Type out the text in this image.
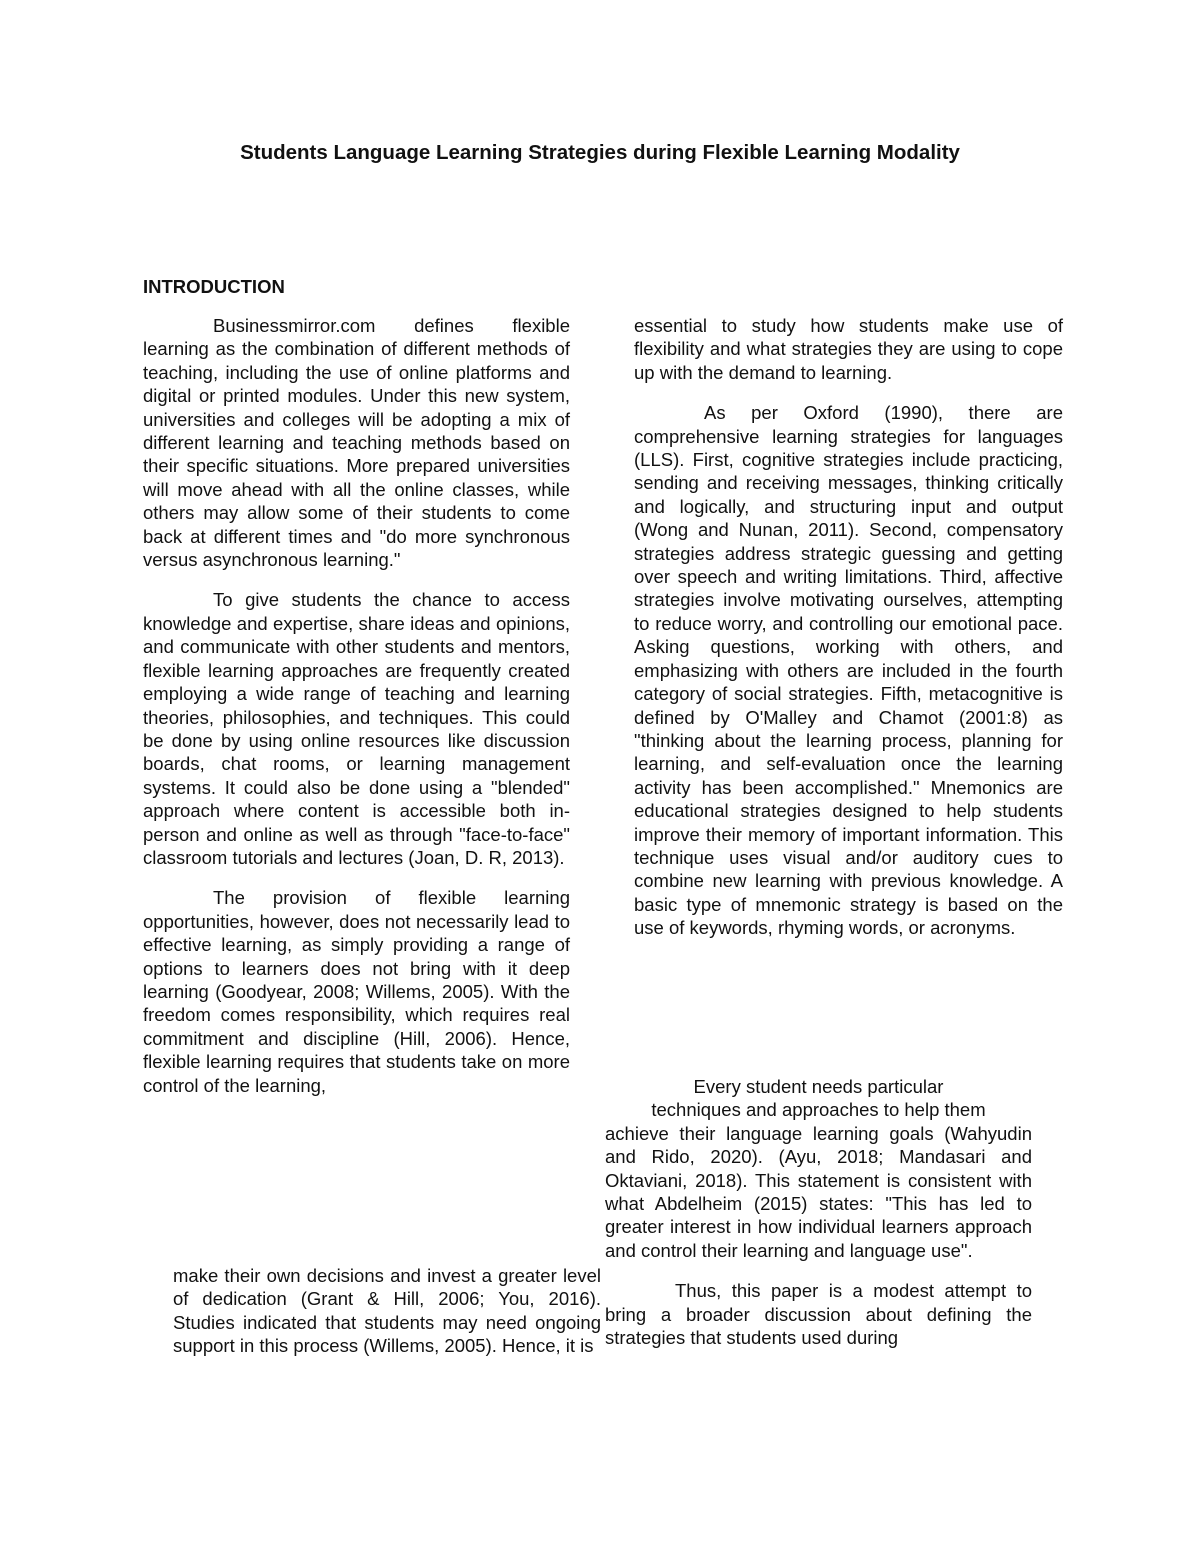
Students Language Learning Strategies during Flexible Learning Modality
INTRODUCTION

Businessmirror.com defines flexible learning as the combination of different methods of teaching, including the use of online platforms and digital or printed modules. Under this new system, universities and colleges will be adopting a mix of different learning and teaching methods based on their specific situations. More prepared universities will move ahead with all the online classes, while others may allow some of their students to come back at different times and "do more synchronous versus asynchronous learning."

To give students the chance to access knowledge and expertise, share ideas and opinions, and communicate with other students and mentors, flexible learning approaches are frequently created employing a wide range of teaching and learning theories, philosophies, and techniques. This could be done by using online resources like discussion boards, chat rooms, or learning management systems. It could also be done using a "blended" approach where content is accessible both in-person and online as well as through "face-to-face" classroom tutorials and lectures (Joan, D. R, 2013).

The provision of flexible learning opportunities, however, does not necessarily lead to effective learning, as simply providing a range of options to learners does not bring with it deep learning (Goodyear, 2008; Willems, 2005). With the freedom comes responsibility, which requires real commitment and discipline (Hill, 2006). Hence, flexible learning requires that students take on more control of the learning,

make their own decisions and invest a greater level of dedication (Grant & Hill, 2006; You, 2016). Studies indicated that students may need ongoing support in this process (Willems, 2005). Hence, it is

essential to study how students make use of flexibility and what strategies they are using to cope up with the demand to learning.

As per Oxford (1990), there are comprehensive learning strategies for languages (LLS). First, cognitive strategies include practicing, sending and receiving messages, thinking critically and logically, and structuring input and output (Wong and Nunan, 2011). Second, compensatory strategies address strategic guessing and getting over speech and writing limitations. Third, affective strategies involve motivating ourselves, attempting to reduce worry, and controlling our emotional pace. Asking questions, working with others, and emphasizing with others are included in the fourth category of social strategies. Fifth, metacognitive is defined by O'Malley and Chamot (2001:8) as "thinking about the learning process, planning for learning, and self-evaluation once the learning activity has been accomplished." Mnemonics are educational strategies designed to help students improve their memory of important information. This technique uses visual and/or auditory cues to combine new learning with previous knowledge. A basic type of mnemonic strategy is based on the use of keywords, rhyming words, or acronyms.

Every student needs particular
techniques and approaches to help them

achieve their language learning goals (Wahyudin and Rido, 2020). (Ayu, 2018; Mandasari and Oktaviani, 2018). This statement is consistent with what Abdelheim (2015) states: "This has led to greater interest in how individual learners approach and control their learning and language use".

Thus, this paper is a modest attempt to bring a broader discussion about defining the strategies that students used during
